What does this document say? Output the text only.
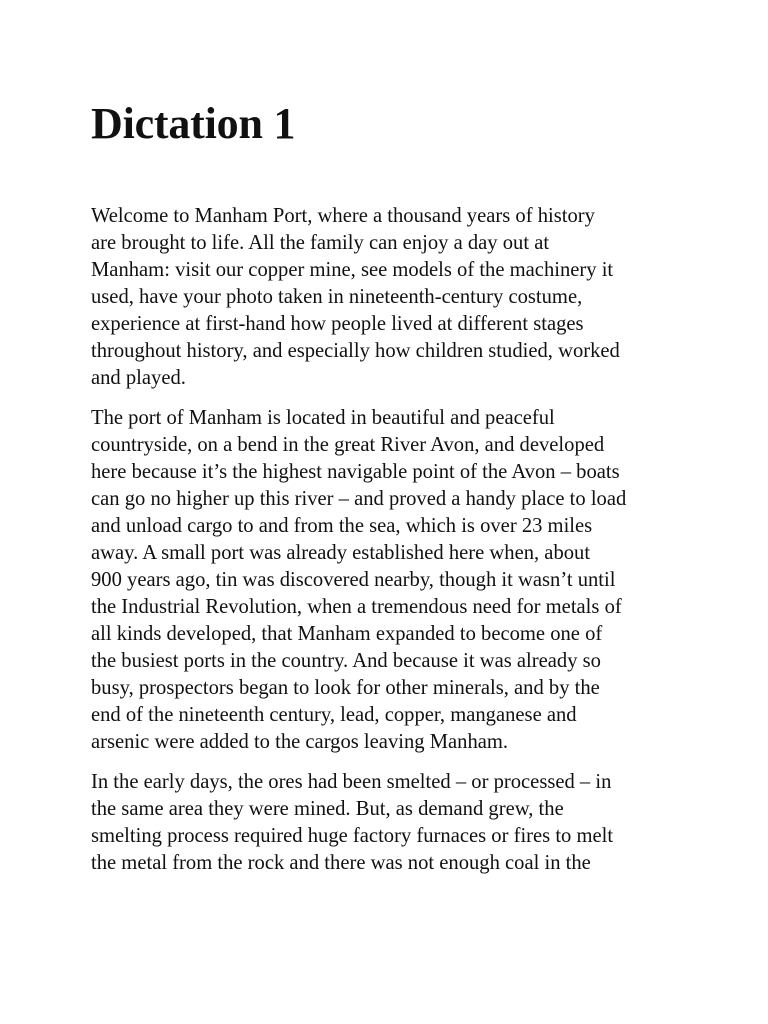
Dictation 1

Welcome to Manham Port, where a thousand years of history
are brought to life. All the family can enjoy a day out at
Manham: visit our copper mine, see models of the machinery it
used, have your photo taken in nineteenth-century costume,
experience at first-hand how people lived at different stages
throughout history, and especially how children studied, worked
and played.

The port of Manham is located in beautiful and peaceful
countryside, on a bend in the great River Avon, and developed
here because it’s the highest navigable point of the Avon – boats
can go no higher up this river – and proved a handy place to load
and unload cargo to and from the sea, which is over 23 miles
away. A small port was already established here when, about
900 years ago, tin was discovered nearby, though it wasn’t until
the Industrial Revolution, when a tremendous need for metals of
all kinds developed, that Manham expanded to become one of
the busiest ports in the country. And because it was already so
busy, prospectors began to look for other minerals, and by the
end of the nineteenth century, lead, copper, manganese and
arsenic were added to the cargos leaving Manham.

In the early days, the ores had been smelted – or processed – in
the same area they were mined. But, as demand grew, the
smelting process required huge factory furnaces or fires to melt
the metal from the rock and there was not enough coal in the
